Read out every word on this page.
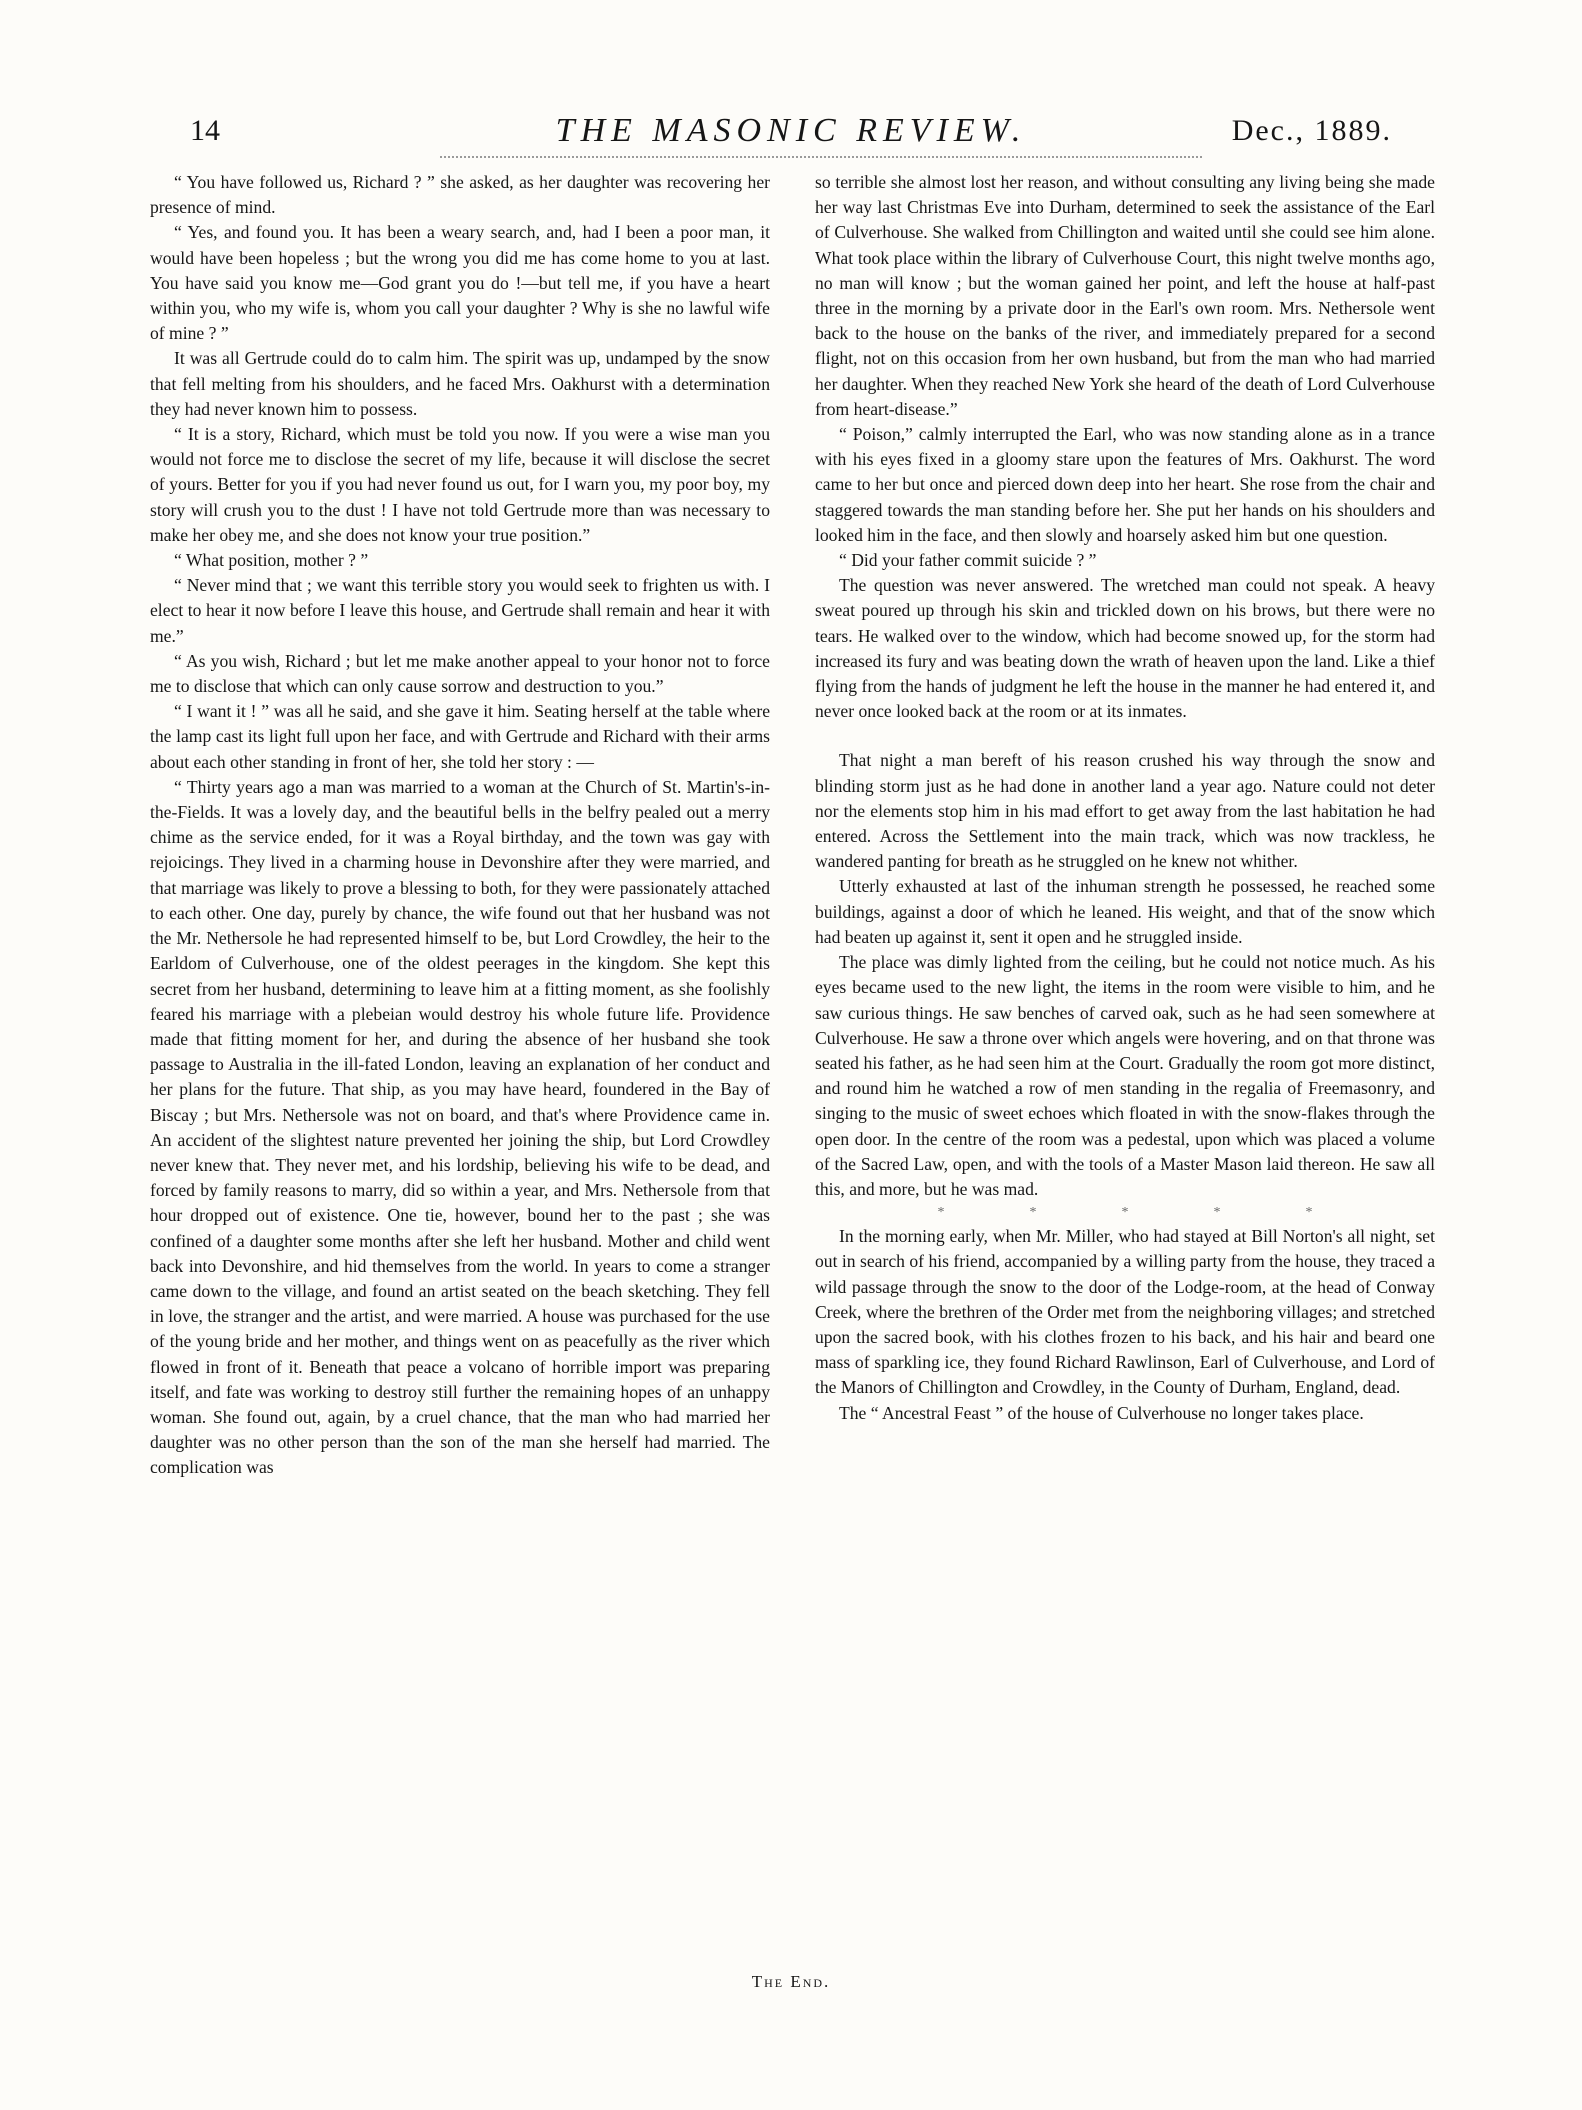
14	THE MASONIC REVIEW.	Dec., 1889.

“ You have followed us, Richard ? ” she asked, as her daughter was recovering her presence of mind.

“ Yes, and found you. It has been a weary search, and, had I been a poor man, it would have been hopeless ; but the wrong you did me has come home to you at last. You have said you know me—God grant you do !—but tell me, if you have a heart within you, who my wife is, whom you call your daughter ? Why is she no lawful wife of mine ? ”

It was all Gertrude could do to calm him. The spirit was up, undamped by the snow that fell melting from his shoulders, and he faced Mrs. Oakhurst with a determination they had never known him to possess.

“ It is a story, Richard, which must be told you now. If you were a wise man you would not force me to disclose the secret of my life, because it will disclose the secret of yours. Better for you if you had never found us out, for I warn you, my poor boy, my story will crush you to the dust ! I have not told Gertrude more than was necessary to make her obey me, and she does not know your true position.”

“ What position, mother ? ”

“ Never mind that ; we want this terrible story you would seek to frighten us with. I elect to hear it now before I leave this house, and Gertrude shall remain and hear it with me.”

“ As you wish, Richard ; but let me make another appeal to your honor not to force me to disclose that which can only cause sorrow and destruction to you.”

“ I want it ! ” was all he said, and she gave it him. Seating herself at the table where the lamp cast its light full upon her face, and with Gertrude and Richard with their arms about each other standing in front of her, she told her story : —

“ Thirty years ago a man was married to a woman at the Church of St. Martin's-in-the-Fields. It was a lovely day, and the beautiful bells in the belfry pealed out a merry chime as the service ended, for it was a Royal birthday, and the town was gay with rejoicings. They lived in a charming house in Devonshire after they were married, and that marriage was likely to prove a blessing to both, for they were passionately attached to each other. One day, purely by chance, the wife found out that her husband was not the Mr. Nethersole he had represented himself to be, but Lord Crowdley, the heir to the Earldom of Culverhouse, one of the oldest peerages in the kingdom. She kept this secret from her husband, determining to leave him at a fitting moment, as she foolishly feared his marriage with a plebeian would destroy his whole future life. Providence made that fitting moment for her, and during the absence of her husband she took passage to Australia in the ill-fated London, leaving an explanation of her conduct and her plans for the future. That ship, as you may have heard, foundered in the Bay of Biscay ; but Mrs. Nethersole was not on board, and that's where Providence came in. An accident of the slightest nature prevented her joining the ship, but Lord Crowdley never knew that. They never met, and his lordship, believing his wife to be dead, and forced by family reasons to marry, did so within a year, and Mrs. Nethersole from that hour dropped out of existence. One tie, however, bound her to the past ; she was confined of a daughter some months after she left her husband. Mother and child went back into Devonshire, and hid themselves from the world. In years to come a stranger came down to the village, and found an artist seated on the beach sketching. They fell in love, the stranger and the artist, and were married. A house was purchased for the use of the young bride and her mother, and things went on as peacefully as the river which flowed in front of it. Beneath that peace a volcano of horrible import was preparing itself, and fate was working to destroy still further the remaining hopes of an unhappy woman. She found out, again, by a cruel chance, that the man who had married her daughter was no other person than the son of the man she herself had married. The complication was

so terrible she almost lost her reason, and without consulting any living being she made her way last Christmas Eve into Durham, determined to seek the assistance of the Earl of Culverhouse. She walked from Chillington and waited until she could see him alone. What took place within the library of Culverhouse Court, this night twelve months ago, no man will know ; but the woman gained her point, and left the house at half-past three in the morning by a private door in the Earl's own room. Mrs. Nethersole went back to the house on the banks of the river, and immediately prepared for a second flight, not on this occasion from her own husband, but from the man who had married her daughter. When they reached New York she heard of the death of Lord Culverhouse from heart-disease.”

“ Poison,” calmly interrupted the Earl, who was now standing alone as in a trance with his eyes fixed in a gloomy stare upon the features of Mrs. Oakhurst. The word came to her but once and pierced down deep into her heart. She rose from the chair and staggered towards the man standing before her. She put her hands on his shoulders and looked him in the face, and then slowly and hoarsely asked him but one question.

“ Did your father commit suicide ? ”

The question was never answered. The wretched man could not speak. A heavy sweat poured up through his skin and trickled down on his brows, but there were no tears. He walked over to the window, which had become snowed up, for the storm had increased its fury and was beating down the wrath of heaven upon the land. Like a thief flying from the hands of judgment he left the house in the manner he had entered it, and never once looked back at the room or at its inmates.

That night a man bereft of his reason crushed his way through the snow and blinding storm just as he had done in another land a year ago. Nature could not deter nor the elements stop him in his mad effort to get away from the last habitation he had entered. Across the Settlement into the main track, which was now trackless, he wandered panting for breath as he struggled on he knew not whither.

Utterly exhausted at last of the inhuman strength he possessed, he reached some buildings, against a door of which he leaned. His weight, and that of the snow which had beaten up against it, sent it open and he struggled inside.

The place was dimly lighted from the ceiling, but he could not notice much. As his eyes became used to the new light, the items in the room were visible to him, and he saw curious things. He saw benches of carved oak, such as he had seen somewhere at Culverhouse. He saw a throne over which angels were hovering, and on that throne was seated his father, as he had seen him at the Court. Gradually the room got more distinct, and round him he watched a row of men standing in the regalia of Freemasonry, and singing to the music of sweet echoes which floated in with the snow-flakes through the open door. In the centre of the room was a pedestal, upon which was placed a volume of the Sacred Law, open, and with the tools of a Master Mason laid thereon. He saw all this, and more, but he was mad.

*	*	*	*	*

In the morning early, when Mr. Miller, who had stayed at Bill Norton's all night, set out in search of his friend, accompanied by a willing party from the house, they traced a wild passage through the snow to the door of the Lodge-room, at the head of Conway Creek, where the brethren of the Order met from the neighboring villages; and stretched upon the sacred book, with his clothes frozen to his back, and his hair and beard one mass of sparkling ice, they found Richard Rawlinson, Earl of Culverhouse, and Lord of the Manors of Chillington and Crowdley, in the County of Durham, England, dead.

The “ Ancestral Feast ” of the house of Culverhouse no longer takes place.

The End.
